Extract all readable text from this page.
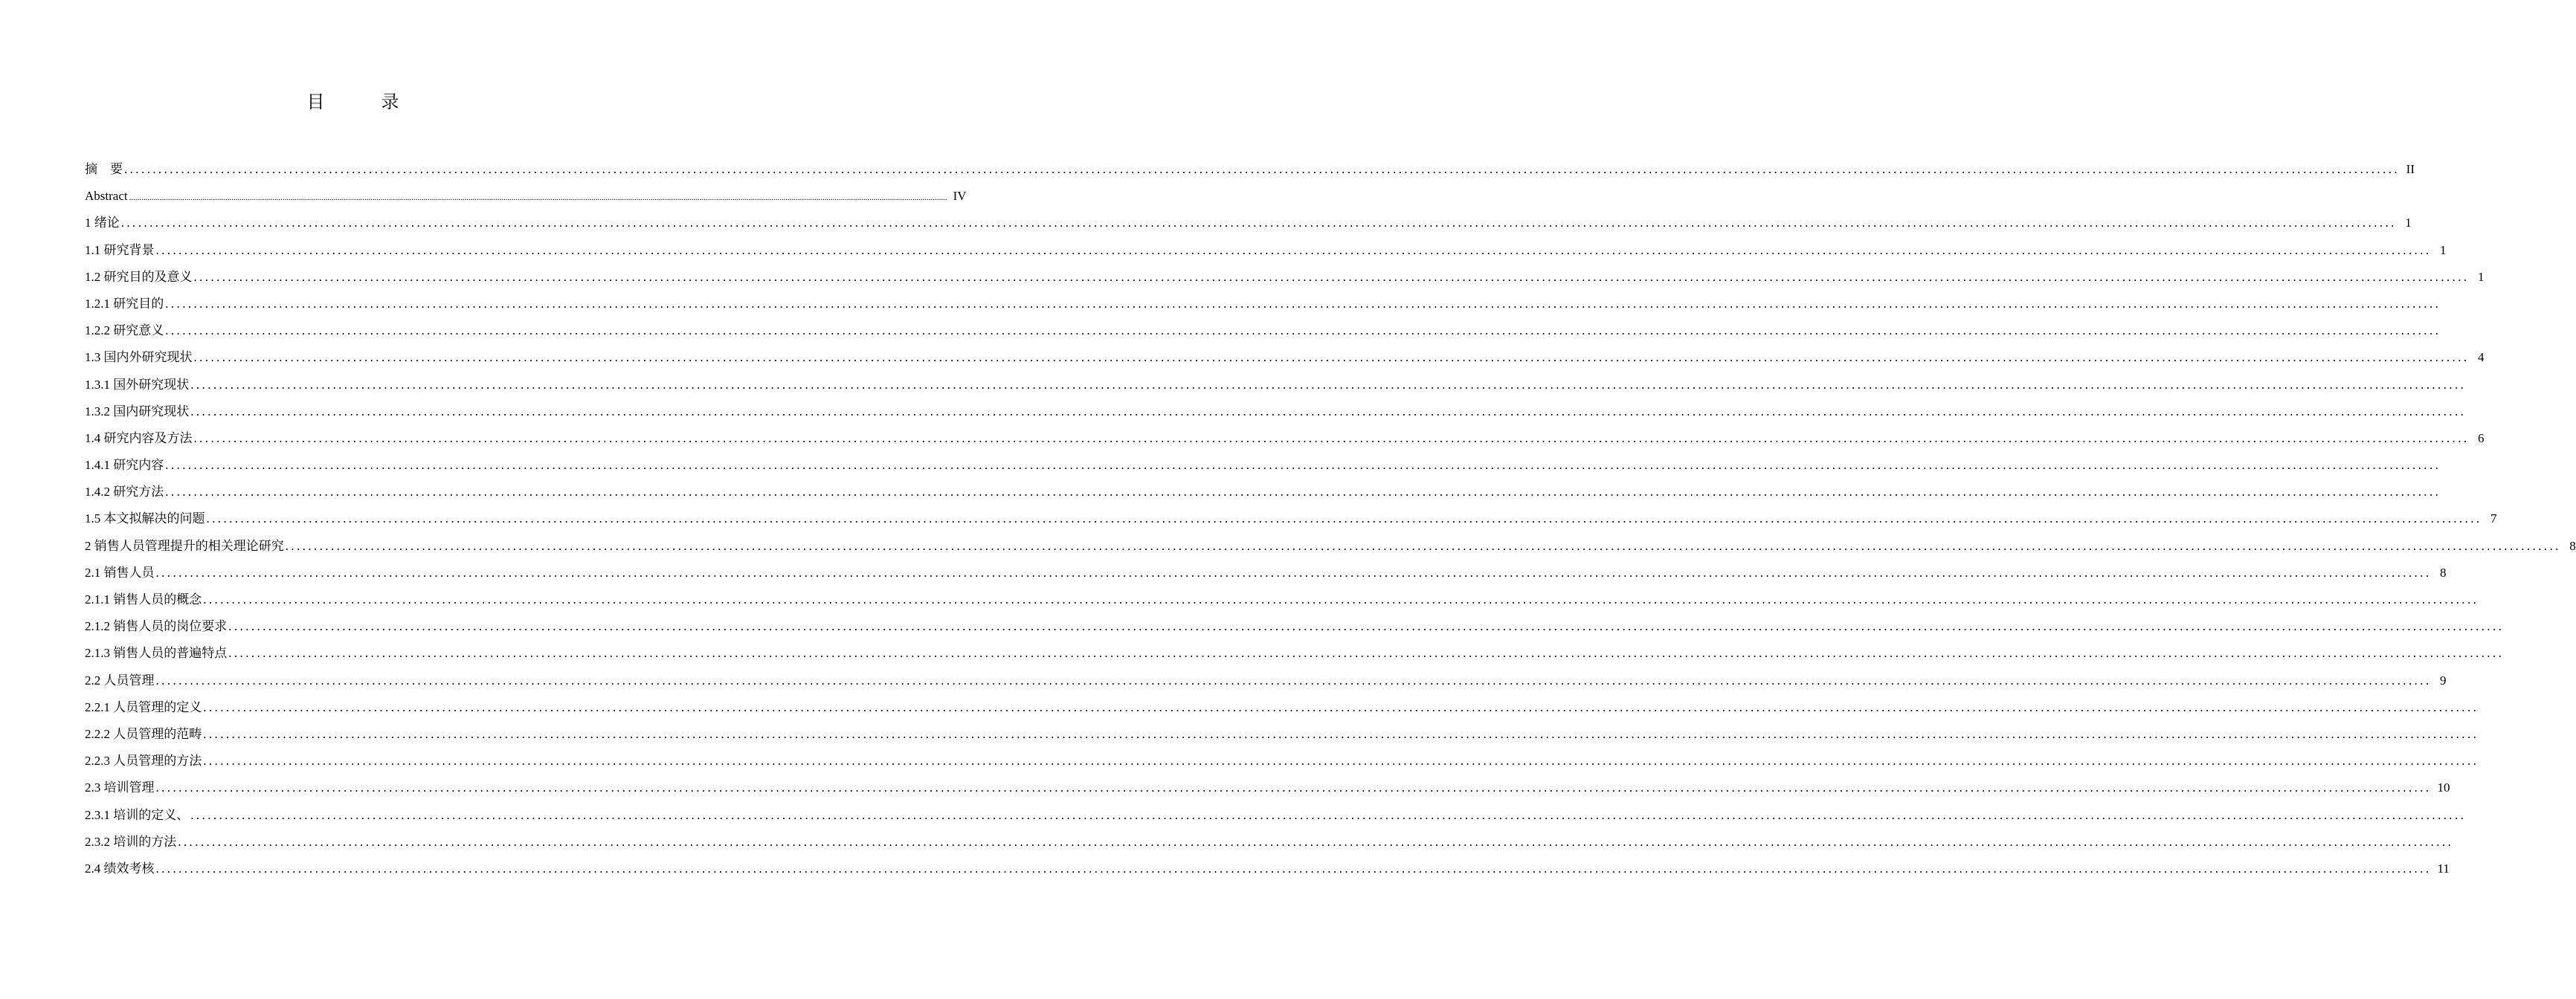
目　录
摘　要 ................................................................................................................................................................................................................................................................................................................................................................................................................ II
Abstract ................................................................................................................................................................................................................................................................................................................................................................................................................ IV
1 绪论 ................................................................................................................................................................................................................................................................................................................................................................................................................ 1
1.1 研究背景 ................................................................................................................................................................................................................................................................................................................................................................................................................ 1
1.2 研究目的及意义 ................................................................................................................................................................................................................................................................................................................................................................................................................ 1
1.2.1 研究目的 ................................................................................................................................................................................................................................................................................................................................................................................................................
1.2.2 研究意义 ................................................................................................................................................................................................................................................................................................................................................................................................................
1.3 国内外研究现状 ................................................................................................................................................................................................................................................................................................................................................................................................................ 4
1.3.1 国外研究现状 ................................................................................................................................................................................................................................................................................................................................................................................................................
1.3.2 国内研究现状 ................................................................................................................................................................................................................................................................................................................................................................................................................
1.4 研究内容及方法 ................................................................................................................................................................................................................................................................................................................................................................................................................ 6
1.4.1 研究内容 ................................................................................................................................................................................................................................................................................................................................................................................................................
1.4.2 研究方法 ................................................................................................................................................................................................................................................................................................................................................................................................................
1.5 本文拟解决的问题 ................................................................................................................................................................................................................................................................................................................................................................................................................ 7
2 销售人员管理提升的相关理论研究 ................................................................................................................................................................................................................................................................................................................................................................................................................ 8
2.1 销售人员 ................................................................................................................................................................................................................................................................................................................................................................................................................ 8
2.1.1 销售人员的概念 ................................................................................................................................................................................................................................................................................................................................................................................................................
2.1.2 销售人员的岗位要求 ................................................................................................................................................................................................................................................................................................................................................................................................................
2.1.3 销售人员的普遍特点 ................................................................................................................................................................................................................................................................................................................................................................................................................
2.2 人员管理 ................................................................................................................................................................................................................................................................................................................................................................................................................ 9
2.2.1 人员管理的定义 ................................................................................................................................................................................................................................................................................................................................................................................................................
2.2.2 人员管理的范畴 ................................................................................................................................................................................................................................................................................................................................................................................................................
2.2.3 人员管理的方法 ................................................................................................................................................................................................................................................................................................................................................................................................................
2.3 培训管理 ................................................................................................................................................................................................................................................................................................................................................................................................................ 10
2.3.1 培训的定义、 ................................................................................................................................................................................................................................................................................................................................................................................................................
2.3.2 培训的方法 ................................................................................................................................................................................................................................................................................................................................................................................................................
2.4 绩效考核 ................................................................................................................................................................................................................................................................................................................................................................................................................ 11
